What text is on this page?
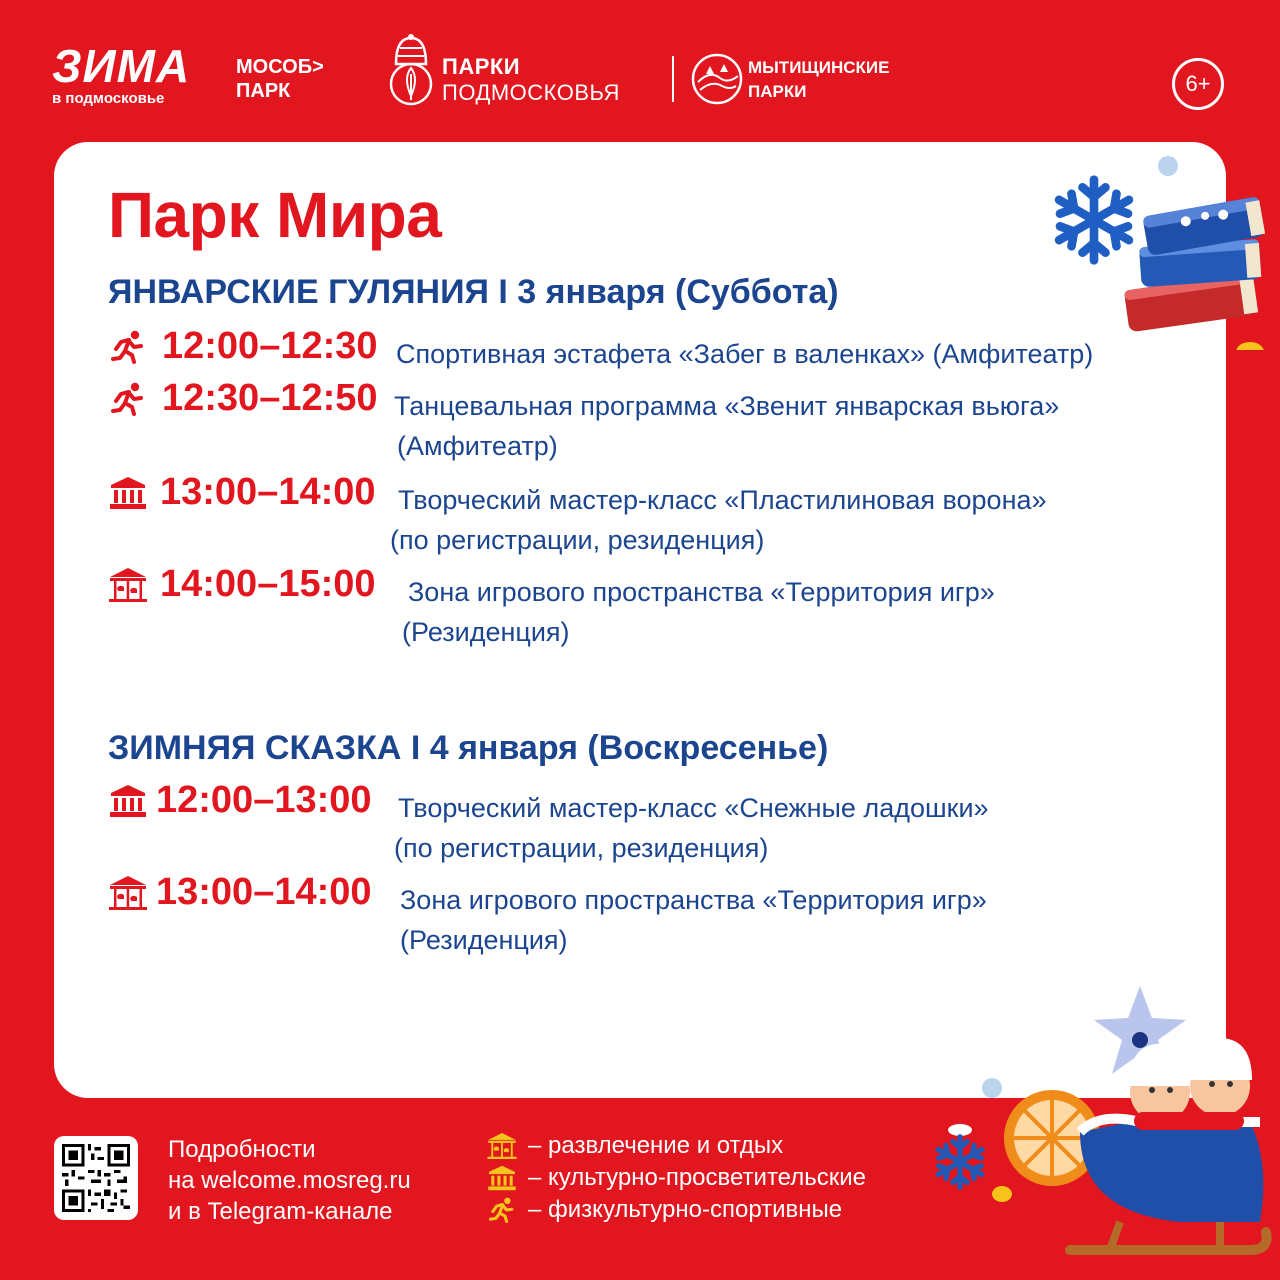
ЗИМА
в подмосковье
МОСОБ>
ПАРК
ПАРКИ
ПОДМОСКОВЬЯ
МЫТИЩИНСКИЕ
ПАРКИ	6+
Парк Мира
ЯНВАРСКИЕ ГУЛЯНИЯ I 3 января (Суббота)
12:00–12:30 Спортивная эстафета «Забег в валенках» (Амфитеатр)
12:30–12:50 Танцевальная программа «Звенит январская вьюга»
(Амфитеатр)
13:00–14:00 Творческий мастер-класс «Пластилиновая ворона»
(по регистрации, резиденция)
14:00–15:00 Зона игрового пространства «Территория игр»
(Резиденция)
ЗИМНЯЯ СКАЗКА I 4 января (Воскресенье)
12:00–13:00 Творческий мастер-класс «Снежные ладошки»
(по регистрации, резиденция)
13:00–14:00 Зона игрового пространства «Территория игр»
(Резиденция)
Подробности
на welcome.mosreg.ru
и в Telegram-канале
– развлечение и отдых
– культурно-просветительские
– физкультурно-спортивные
